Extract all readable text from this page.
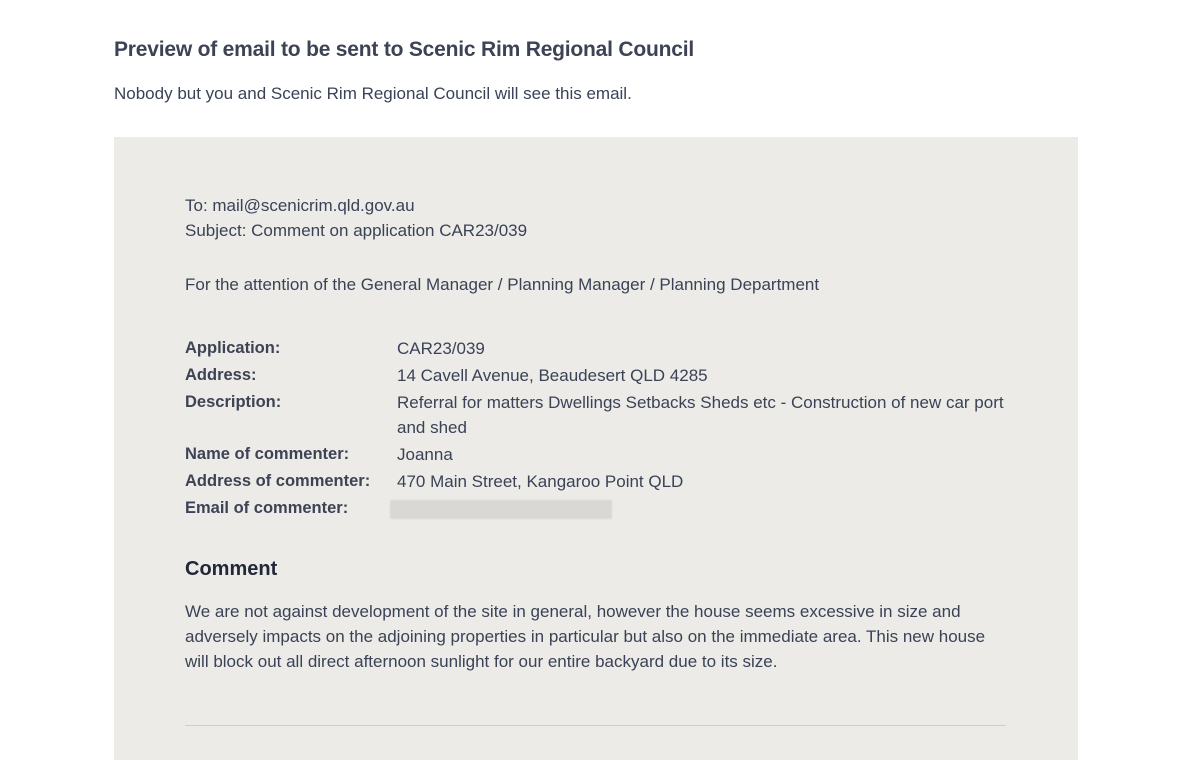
Preview of email to be sent to Scenic Rim Regional Council

Nobody but you and Scenic Rim Regional Council will see this email.

To: mail@scenicrim.qld.gov.au
Subject: Comment on application CAR23/039
For the attention of the General Manager / Planning Manager / Planning Department
Application:	CAR23/039
Address:	14 Cavell Avenue, Beaudesert QLD 4285
Description:	Referral for matters Dwellings Setbacks Sheds etc - Construction of new car port and shed
Name of commenter:	Joanna
Address of commenter:	470 Main Street, Kangaroo Point QLD
Email of commenter:
Comment

We are not against development of the site in general, however the house seems excessive in size and adversely impacts on the adjoining properties in particular but also on the immediate area. This new house will block out all direct afternoon sunlight for our entire backyard due to its size.
